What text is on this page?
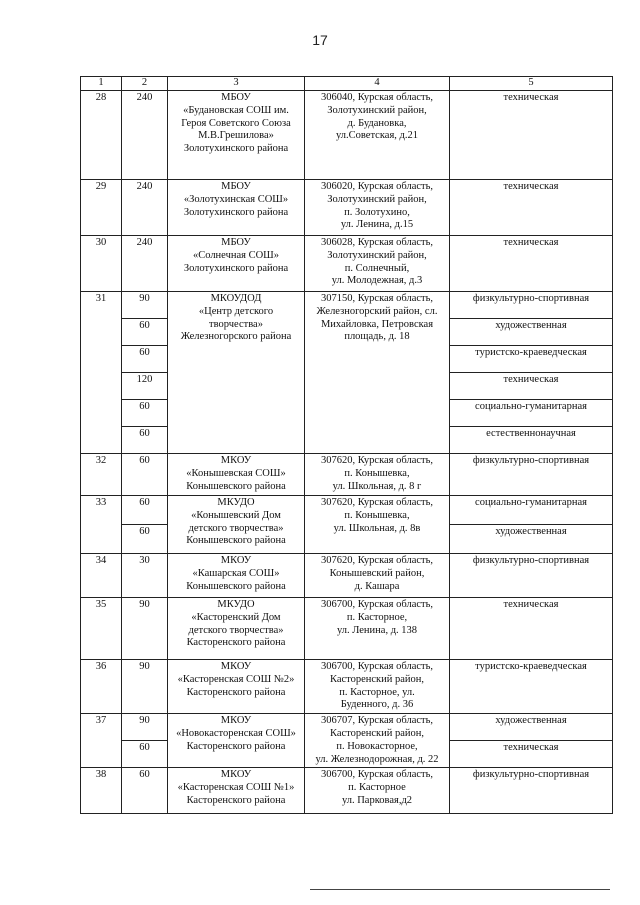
17
1	2	3	4	5
28	240	МБОУ
«Будановская СОШ им.
Героя Советского Союза
М.В.Грешилова»
Золотухинского района	306040, Курская область,
Золотухинский район,
д. Будановка,
ул.Советская, д.21	техническая
29	240	МБОУ
«Золотухинская СОШ»
Золотухинского района	306020, Курская область,
Золотухинский район,
п. Золотухино,
ул. Ленина, д.15	техническая
30	240	МБОУ
«Солнечная СОШ»
Золотухинского района	306028, Курская область,
Золотухинский район,
п. Солнечный,
ул. Молодежная, д.3	техническая
31	90	МКОУДОД
«Центр детского
творчества»
Железногорского района	307150, Курская область,
Железногорский район, сл.
Михайловка, Петровская
площадь, д. 18	физкультурно-спортивная
	60			художественная
	60			туристско-краеведческая
	120			техническая
	60			социально-гуманитарная
	60			естественнонаучная
32	60	МКОУ
«Конышевская СОШ»
Конышевского района	307620, Курская область,
п. Конышевка,
ул. Школьная, д. 8 г	физкультурно-спортивная
33	60	МКУДО
«Конышевский Дом
детского творчества»
Конышевского района	307620, Курская область,
п. Конышевка,
ул. Школьная, д. 8в	социально-гуманитарная
	60			художественная
34	30	МКОУ
«Кашарская СОШ»
Конышевского района	307620, Курская область,
Конышевский район,
д. Кашара	физкультурно-спортивная
35	90	МКУДО
«Касторенский Дом
детского творчества»
Касторенского района	306700, Курская область,
п. Касторное,
ул. Ленина, д. 138	техническая
36	90	МКОУ
«Касторенская СОШ №2»
Касторенского района	306700, Курская область,
Касторенский район,
п. Касторное, ул.
Буденного, д. 36	туристско-краеведческая
37	90	МКОУ
«Новокасторенская СОШ»
Касторенского района	306707, Курская область,
Касторенский район,
п. Новокасторное,
ул. Железнодорожная, д. 22	художественная
	60			техническая
38	60	МКОУ
«Касторенская СОШ №1»
Касторенского района	306700, Курская область,
п. Касторное
ул. Парковая,д2	физкультурно-спортивная
